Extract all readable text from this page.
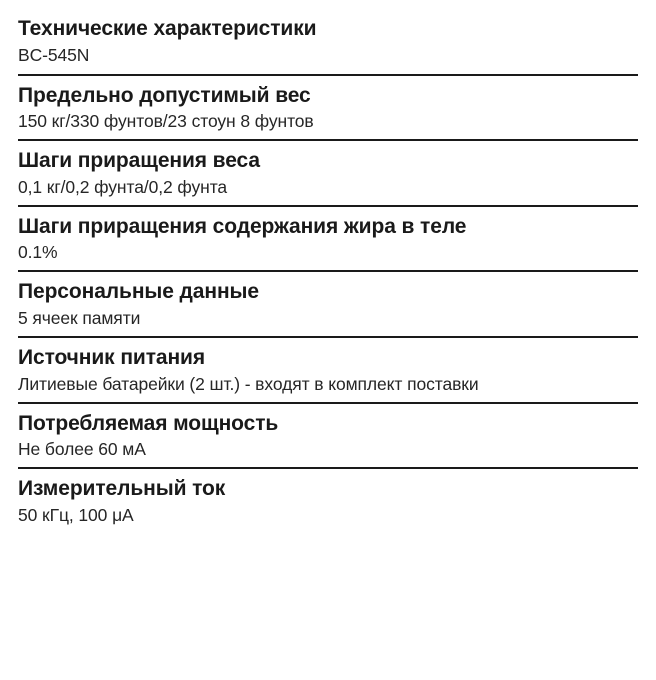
Технические характеристики
BC-545N

Предельно допустимый вес
150 кг/330 фунтов/23 стоун 8 фунтов

Шаги приращения веса
0,1 кг/0,2 фунта/0,2 фунта

Шаги приращения содержания жира в теле
0.1%

Персональные данные
5 ячеек памяти

Источник питания
Литиевые батарейки (2 шт.) - входят в комплект поставки

Потребляемая мощность
Не более 60 мА

Измерительный ток
50 кГц, 100 μA
